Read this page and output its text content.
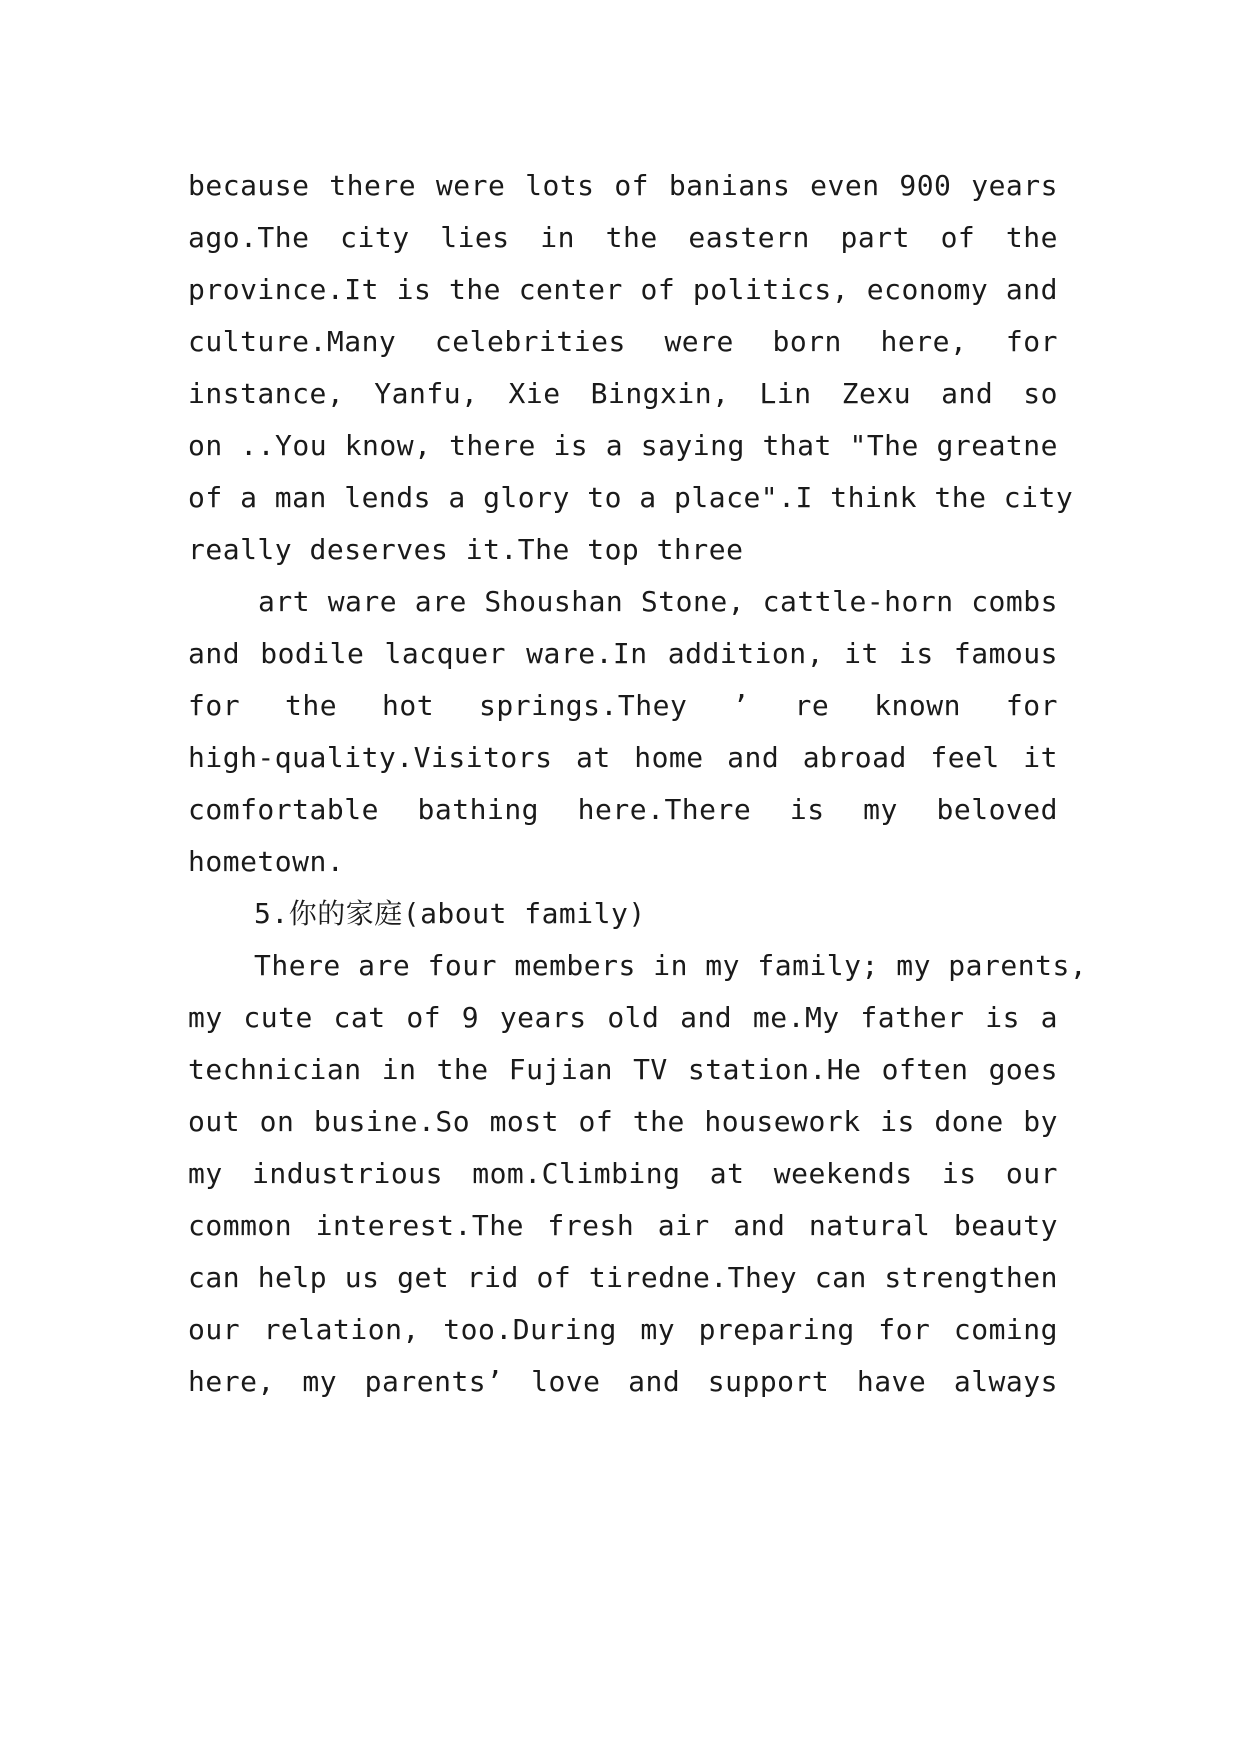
because there were lots of banians even 900 years
ago.The city lies in the eastern part of the
province.It is the center of politics, economy and
culture.Many celebrities were born here, for
instance, Yanfu, Xie Bingxin, Lin Zexu and so
on ..You know, there is a saying that "The greatne
of a man lends a glory to a place".I think the city
really deserves it.The top three
art ware are Shoushan Stone, cattle-horn combs
and bodile lacquer ware.In addition, it is famous
for the hot springs.They ’ re known for
high-quality.Visitors at home and abroad feel it
comfortable bathing here.There is my beloved
hometown.
5.你的家庭(about family)
There are four members in my family; my parents,
my cute cat of 9 years old and me.My father is a
technician in the Fujian TV station.He often goes
out on busine.So most of the housework is done by
my industrious mom.Climbing at weekends is our
common interest.The fresh air and natural beauty
can help us get rid of tiredne.They can strengthen
our relation, too.During my preparing for coming
here, my parents’ love and support have always
